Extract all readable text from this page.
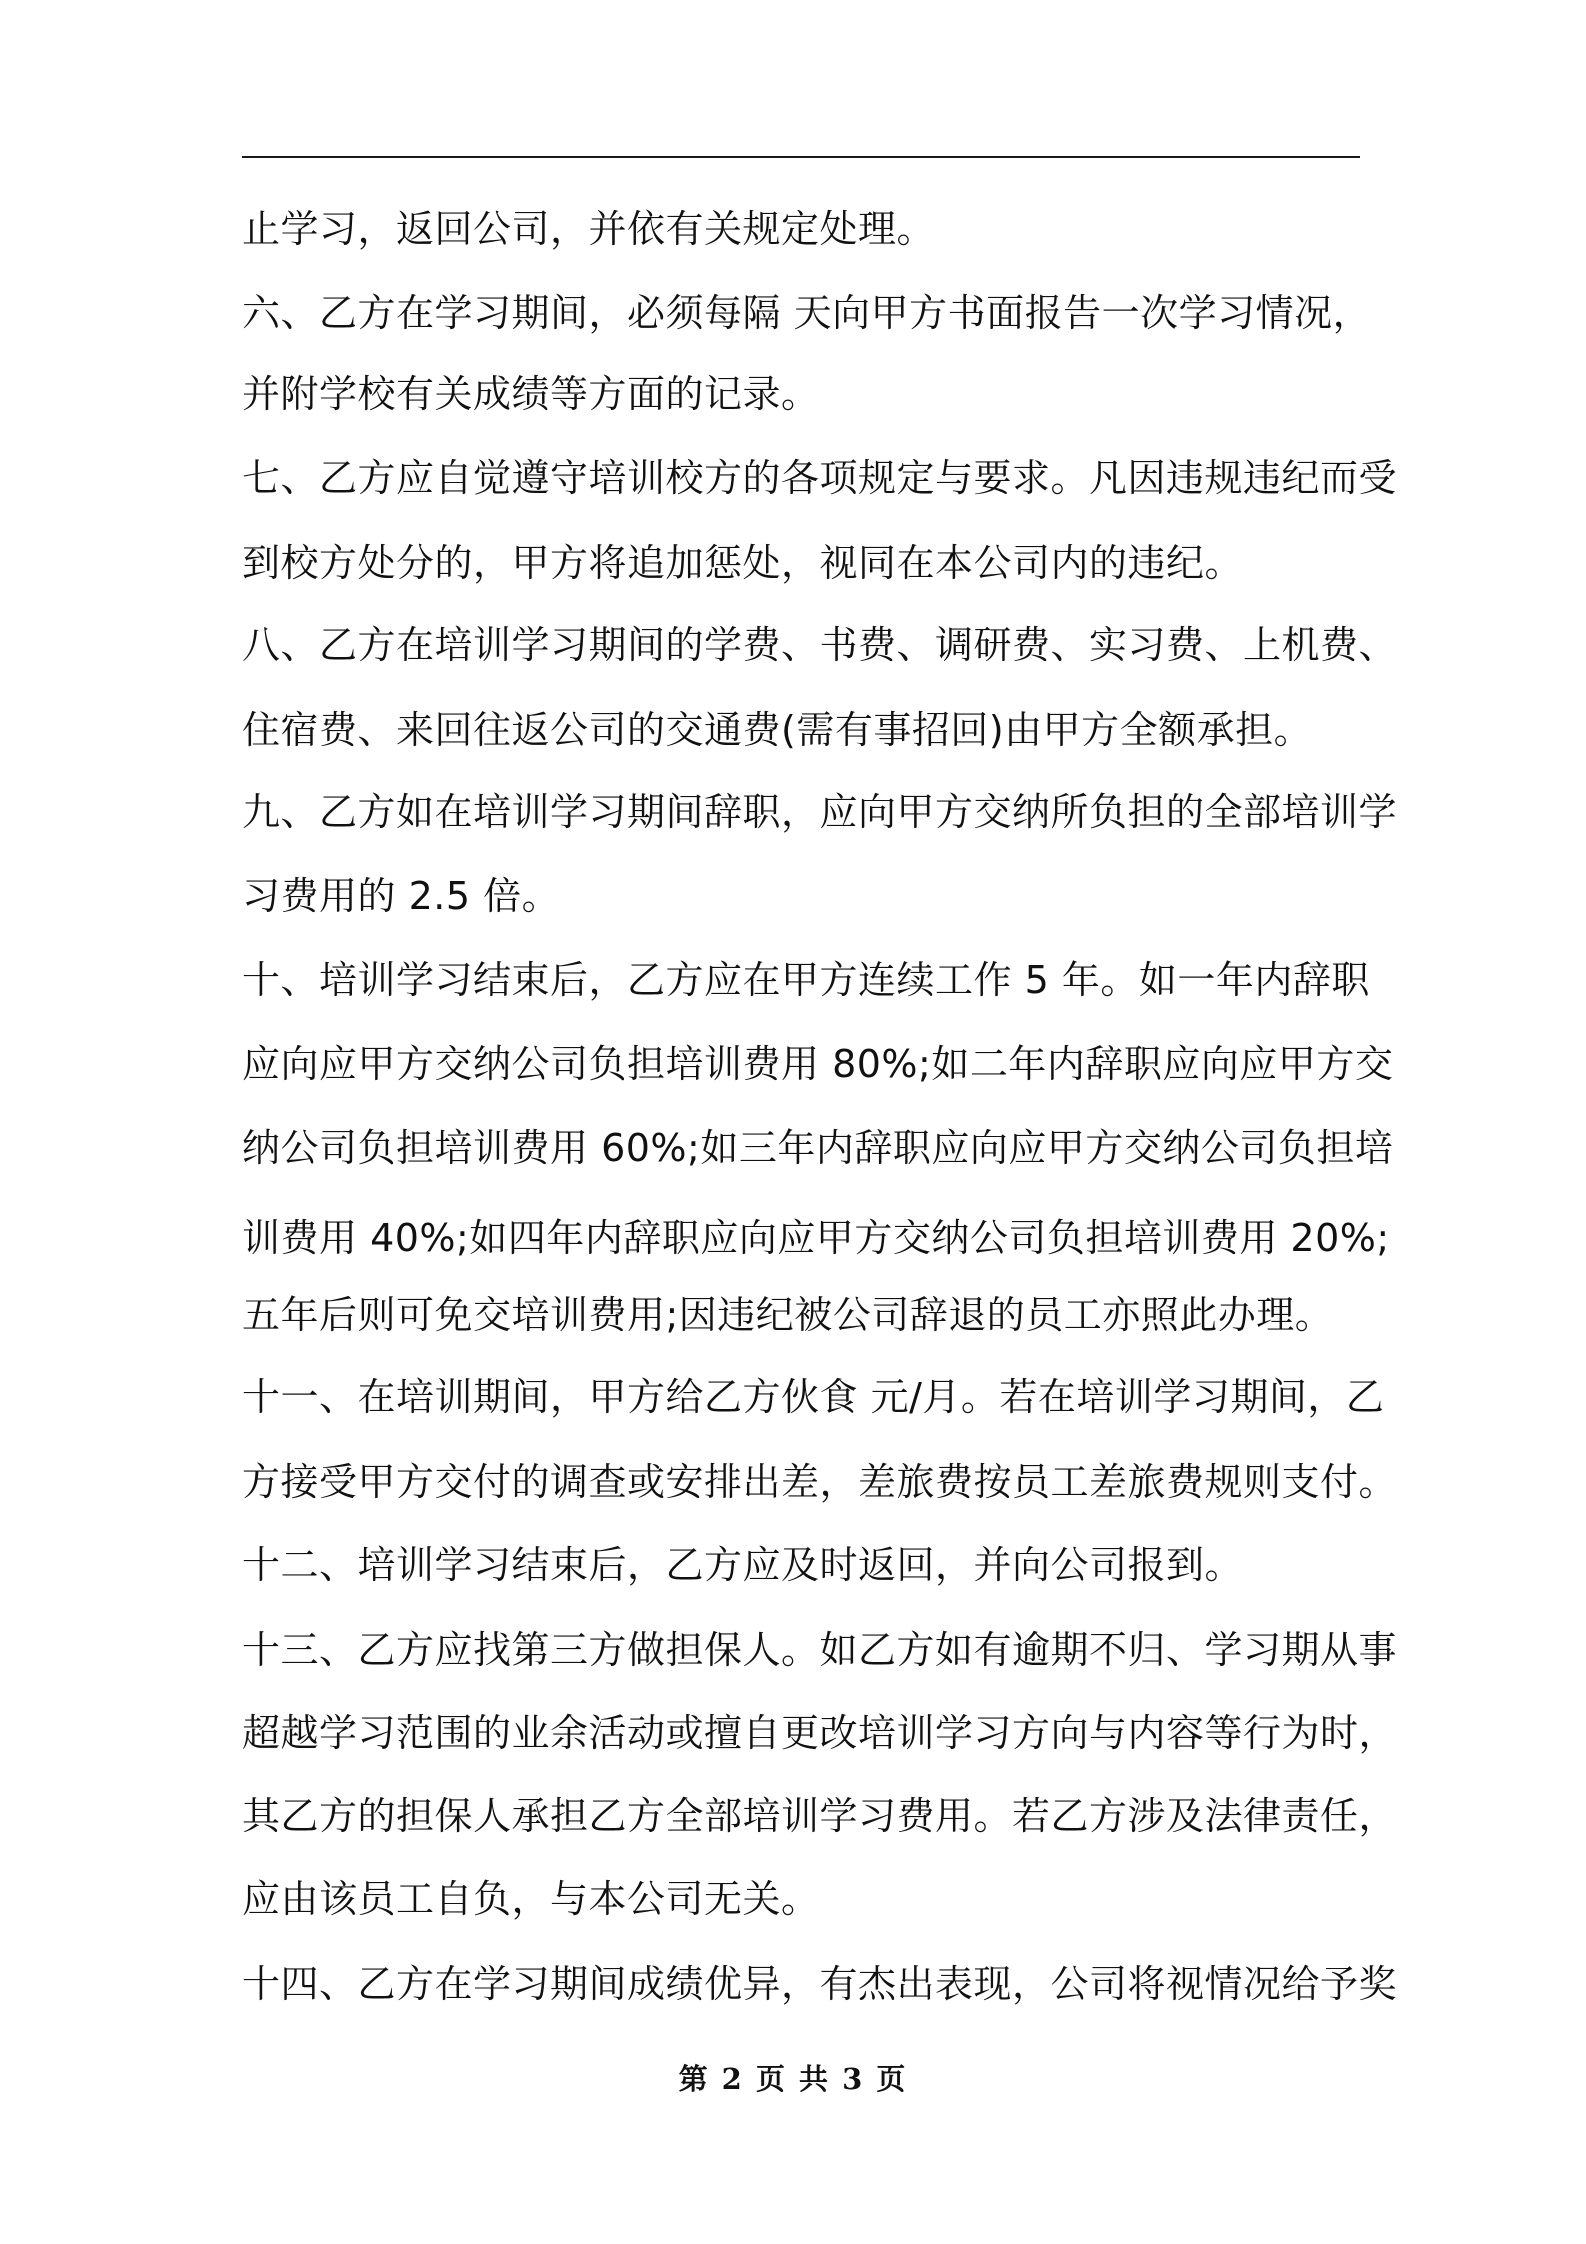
止学习，返回公司，并依有关规定处理。
六、乙方在学习期间，必须每隔 天向甲方书面报告一次学习情况，
并附学校有关成绩等方面的记录。
七、乙方应自觉遵守培训校方的各项规定与要求。凡因违规违纪而受
到校方处分的，甲方将追加惩处，视同在本公司内的违纪。
八、乙方在培训学习期间的学费、书费、调研费、实习费、上机费、
住宿费、来回往返公司的交通费(需有事招回)由甲方全额承担。
九、乙方如在培训学习期间辞职，应向甲方交纳所负担的全部培训学
习费用的 2.5 倍。
十、培训学习结束后，乙方应在甲方连续工作 5 年。如一年内辞职
应向应甲方交纳公司负担培训费用 80%;如二年内辞职应向应甲方交
纳公司负担培训费用 60%;如三年内辞职应向应甲方交纳公司负担培
训费用 40%;如四年内辞职应向应甲方交纳公司负担培训费用 20%;
五年后则可免交培训费用;因违纪被公司辞退的员工亦照此办理。
十一、在培训期间，甲方给乙方伙食 元/月。若在培训学习期间，乙
方接受甲方交付的调查或安排出差，差旅费按员工差旅费规则支付。
十二、培训学习结束后，乙方应及时返回，并向公司报到。
十三、乙方应找第三方做担保人。如乙方如有逾期不归、学习期从事
超越学习范围的业余活动或擅自更改培训学习方向与内容等行为时，
其乙方的担保人承担乙方全部培训学习费用。若乙方涉及法律责任，
应由该员工自负，与本公司无关。
十四、乙方在学习期间成绩优异，有杰出表现，公司将视情况给予奖
第 2 页 共 3 页
